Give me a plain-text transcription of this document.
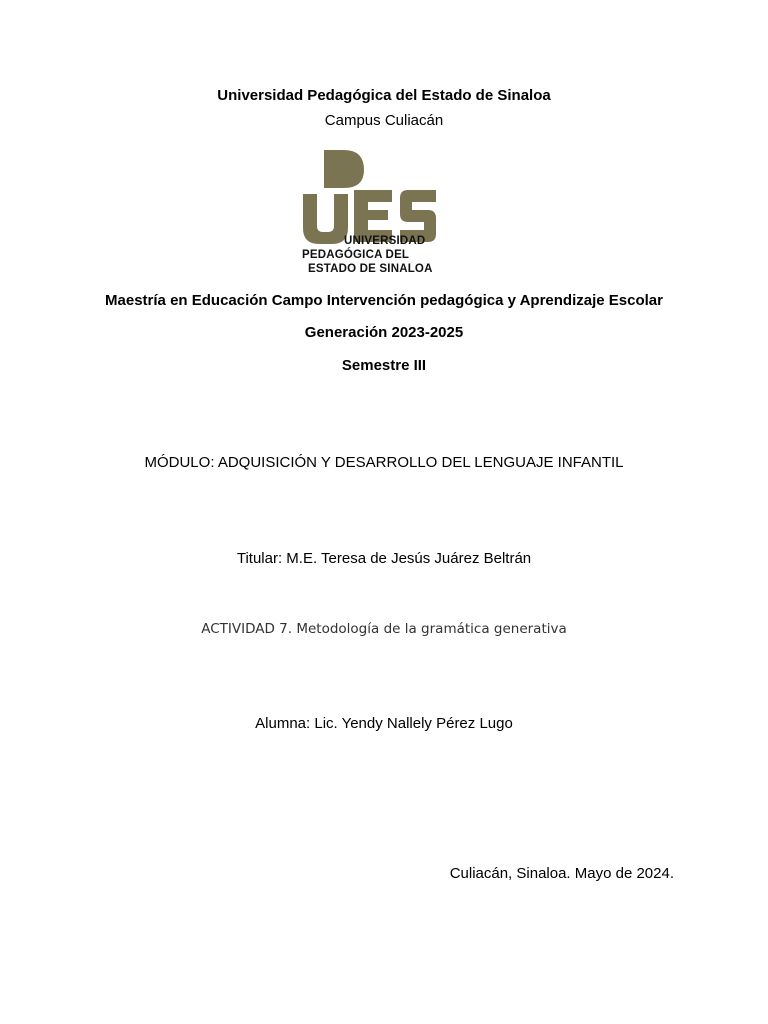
Universidad Pedagógica del Estado de Sinaloa
Campus Culiacán
UNIVERSIDAD
PEDAGÓGICA DEL
ESTADO DE SINALOA
Maestría en Educación Campo Intervención pedagógica y Aprendizaje Escolar
Generación 2023-2025
Semestre III
MÓDULO: ADQUISICIÓN Y DESARROLLO DEL LENGUAJE INFANTIL
Titular: M.E. Teresa de Jesús Juárez Beltrán
ACTIVIDAD 7. Metodología de la gramática generativa
Alumna: Lic. Yendy Nallely Pérez Lugo
Culiacán, Sinaloa. Mayo de 2024.
